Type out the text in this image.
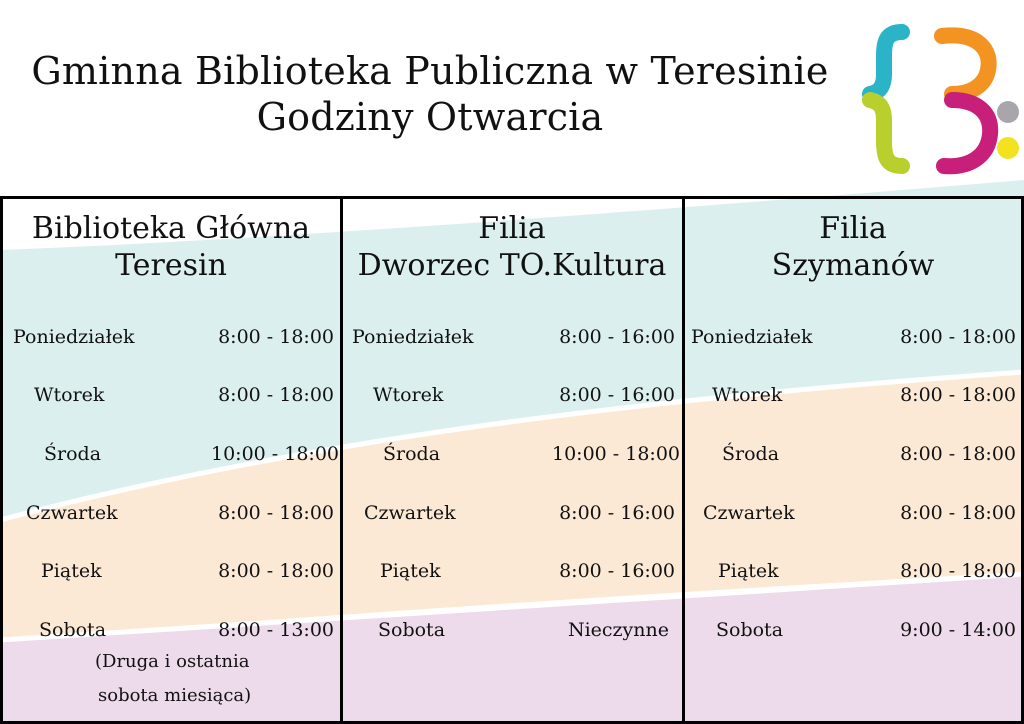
Gminna Biblioteka Publiczna w Teresinie
Godziny Otwarcia
Biblioteka Główna
Teresin
Poniedziałek	8:00 - 18:00
Wtorek	8:00 - 18:00
Środa	10:00 - 18:00
Czwartek	8:00 - 18:00
Piątek	8:00 - 18:00
Sobota	8:00 - 13:00
(Druga i ostatnia
sobota miesiąca)
Filia
Dworzec TO.Kultura
Poniedziałek	8:00 - 16:00
Wtorek	8:00 - 16:00
Środa	10:00 - 18:00
Czwartek	8:00 - 16:00
Piątek	8:00 - 16:00
Sobota	Nieczynne
Filia
Szymanów
Poniedziałek	8:00 - 18:00
Wtorek	8:00 - 18:00
Środa	8:00 - 18:00
Czwartek	8:00 - 18:00
Piątek	8:00 - 18:00
Sobota	9:00 - 14:00
